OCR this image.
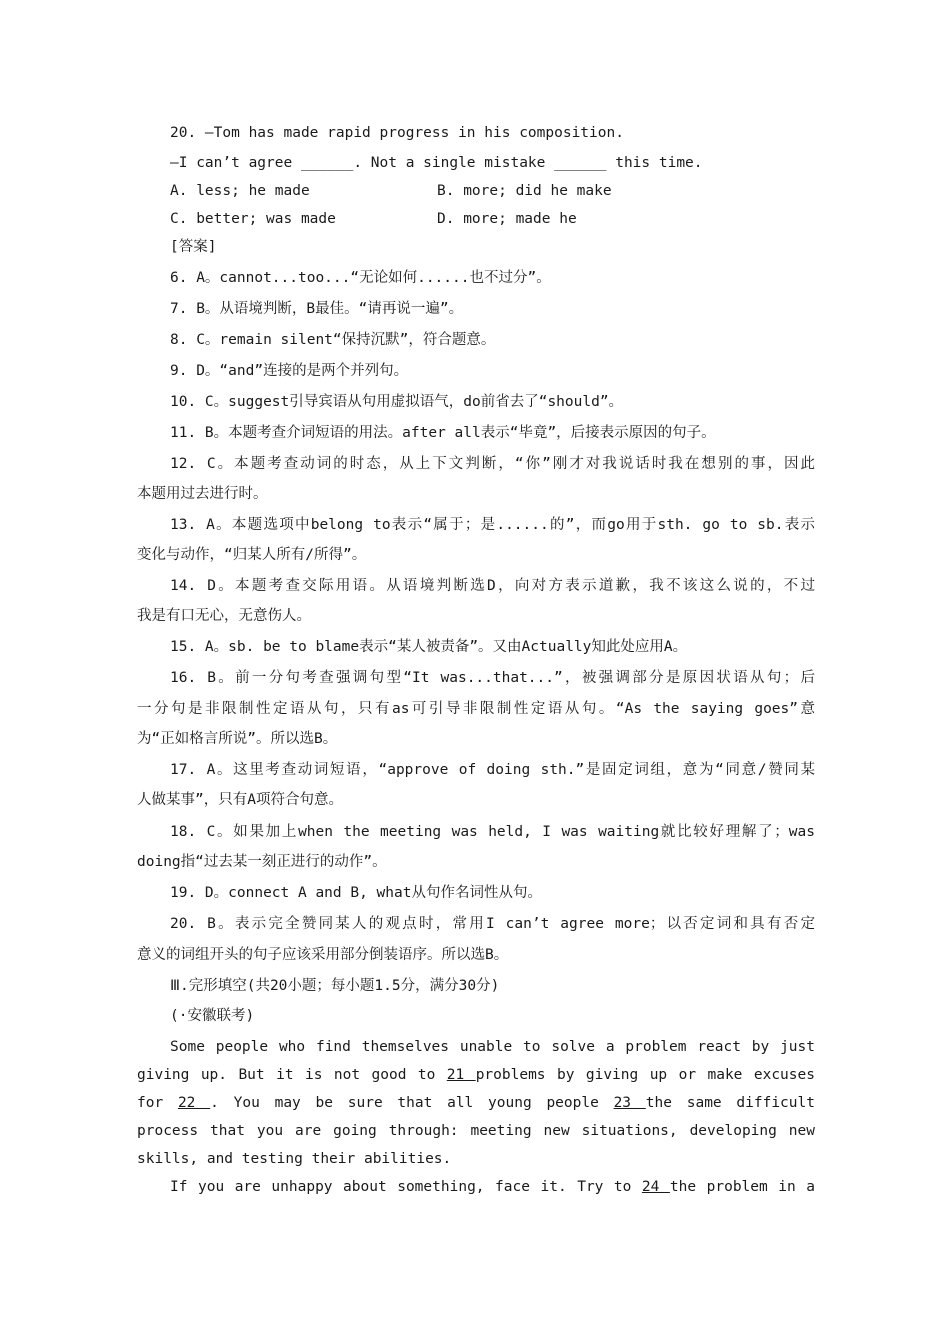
20. —Tom has made rapid progress in his composition.
—I can’t agree ______. Not a single mistake ______ this time.
A. less; he made	B. more; did he make
C. better; was made	D. more; made he
[答案]
6. A。cannot...too...“无论如何......也不过分”。
7. B。从语境判断，B最佳。“请再说一遍”。
8. C。remain silent“保持沉默”，符合题意。
9. D。“and”连接的是两个并列句。
10. C。suggest引导宾语从句用虚拟语气，do前省去了“should”。
11. B。本题考查介词短语的用法。after all表示“毕竟”，后接表示原因的句子。
12. C。本题考查动词的时态，从上下文判断，“你”刚才对我说话时我在想别的事，因此
本题用过去进行时。
13. A。本题选项中belong to表示“属于；是......的”，而go用于sth. go to sb.表示
变化与动作，“归某人所有/所得”。
14. D。本题考查交际用语。从语境判断选D，向对方表示道歉，我不该这么说的，不过
我是有口无心，无意伤人。
15. A。sb. be to blame表示“某人被责备”。又由Actually知此处应用A。
16. B。前一分句考查强调句型“It was...that...”，被强调部分是原因状语从句；后
一分句是非限制性定语从句，只有as可引导非限制性定语从句。“As the saying goes”意
为“正如格言所说”。所以选B。
17. A。这里考查动词短语，“approve of doing sth.”是固定词组，意为“同意/赞同某
人做某事”，只有A项符合句意。
18. C。如果加上when the meeting was held, I was waiting就比较好理解了；was
doing指“过去某一刻正进行的动作”。
19. D。connect A and B, what从句作名词性从句。
20. B。表示完全赞同某人的观点时，常用I can’t agree more；以否定词和具有否定
意义的词组开头的句子应该采用部分倒装语序。所以选B。
Ⅲ.完形填空(共20小题；每小题1.5分，满分30分)
(·安徽联考)
Some people who find themselves unable to solve a problem react by just
giving up. But it is not good to 21 problems by giving up or make excuses
for 22 . You may be sure that all young people 23 the same difficult
process that you are going through: meeting new situations, developing new
skills, and testing their abilities.
If you are unhappy about something, face it. Try to 24 the problem in a
